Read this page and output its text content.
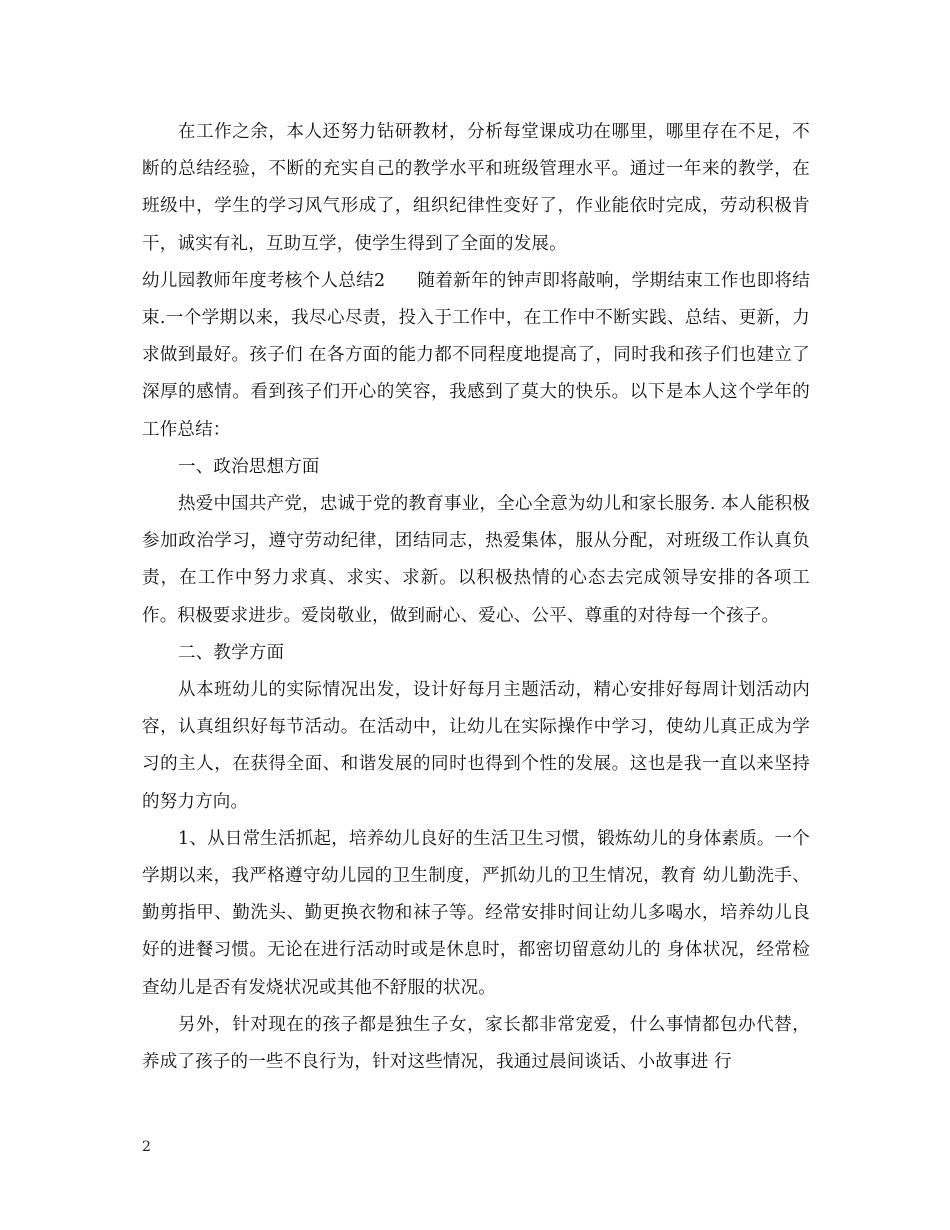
在工作之余，本人还努力钻研教材，分析每堂课成功在哪里，哪里存在不足，不断的总结经验，不断的充实自己的教学水平和班级管理水平。通过一年来的教学，在班级中，学生的学习风气形成了，组织纪律性变好了，作业能依时完成，劳动积极肯干，诚实有礼，互助互学，使学生得到了全面的发展。

幼儿园教师年度考核个人总结2 随着新年的钟声即将敲响，学期结束工作也即将结束.一个学期以来，我尽心尽责，投入于工作中，在工作中不断实践、总结、更新，力求做到最好。孩子们 在各方面的能力都不同程度地提高了，同时我和孩子们也建立了深厚的感情。看到孩子们开心的笑容，我感到了莫大的快乐。以下是本人这个学年的工作总结：

一、政治思想方面

热爱中国共产党，忠诚于党的教育事业，全心全意为幼儿和家长服务. 本人能积极参加政治学习，遵守劳动纪律，团结同志，热爱集体，服从分配，对班级工作认真负责，在工作中努力求真、求实、求新。以积极热情的心态去完成领导安排的各项工作。积极要求进步。爱岗敬业，做到耐心、爱心、公平、尊重的对待每一个孩子。

二、教学方面

从本班幼儿的实际情况出发，设计好每月主题活动，精心安排好每周计划活动内容，认真组织好每节活动。在活动中，让幼儿在实际操作中学习，使幼儿真正成为学习的主人，在获得全面、和谐发展的同时也得到个性的发展。这也是我一直以来坚持的努力方向。

1、从日常生活抓起，培养幼儿良好的生活卫生习惯，锻炼幼儿的身体素质。一个学期以来，我严格遵守幼儿园的卫生制度，严抓幼儿的卫生情况，教育 幼儿勤洗手、勤剪指甲、勤洗头、勤更换衣物和袜子等。经常安排时间让幼儿多喝水，培养幼儿良好的进餐习惯。无论在进行活动时或是休息时，都密切留意幼儿的 身体状况，经常检查幼儿是否有发烧状况或其他不舒服的状况。

另外，针对现在的孩子都是独生子女，家长都非常宠爱，什么事情都包办代替，养成了孩子的一些不良行为，针对这些情况，我通过晨间谈话、小故事进 行

2
